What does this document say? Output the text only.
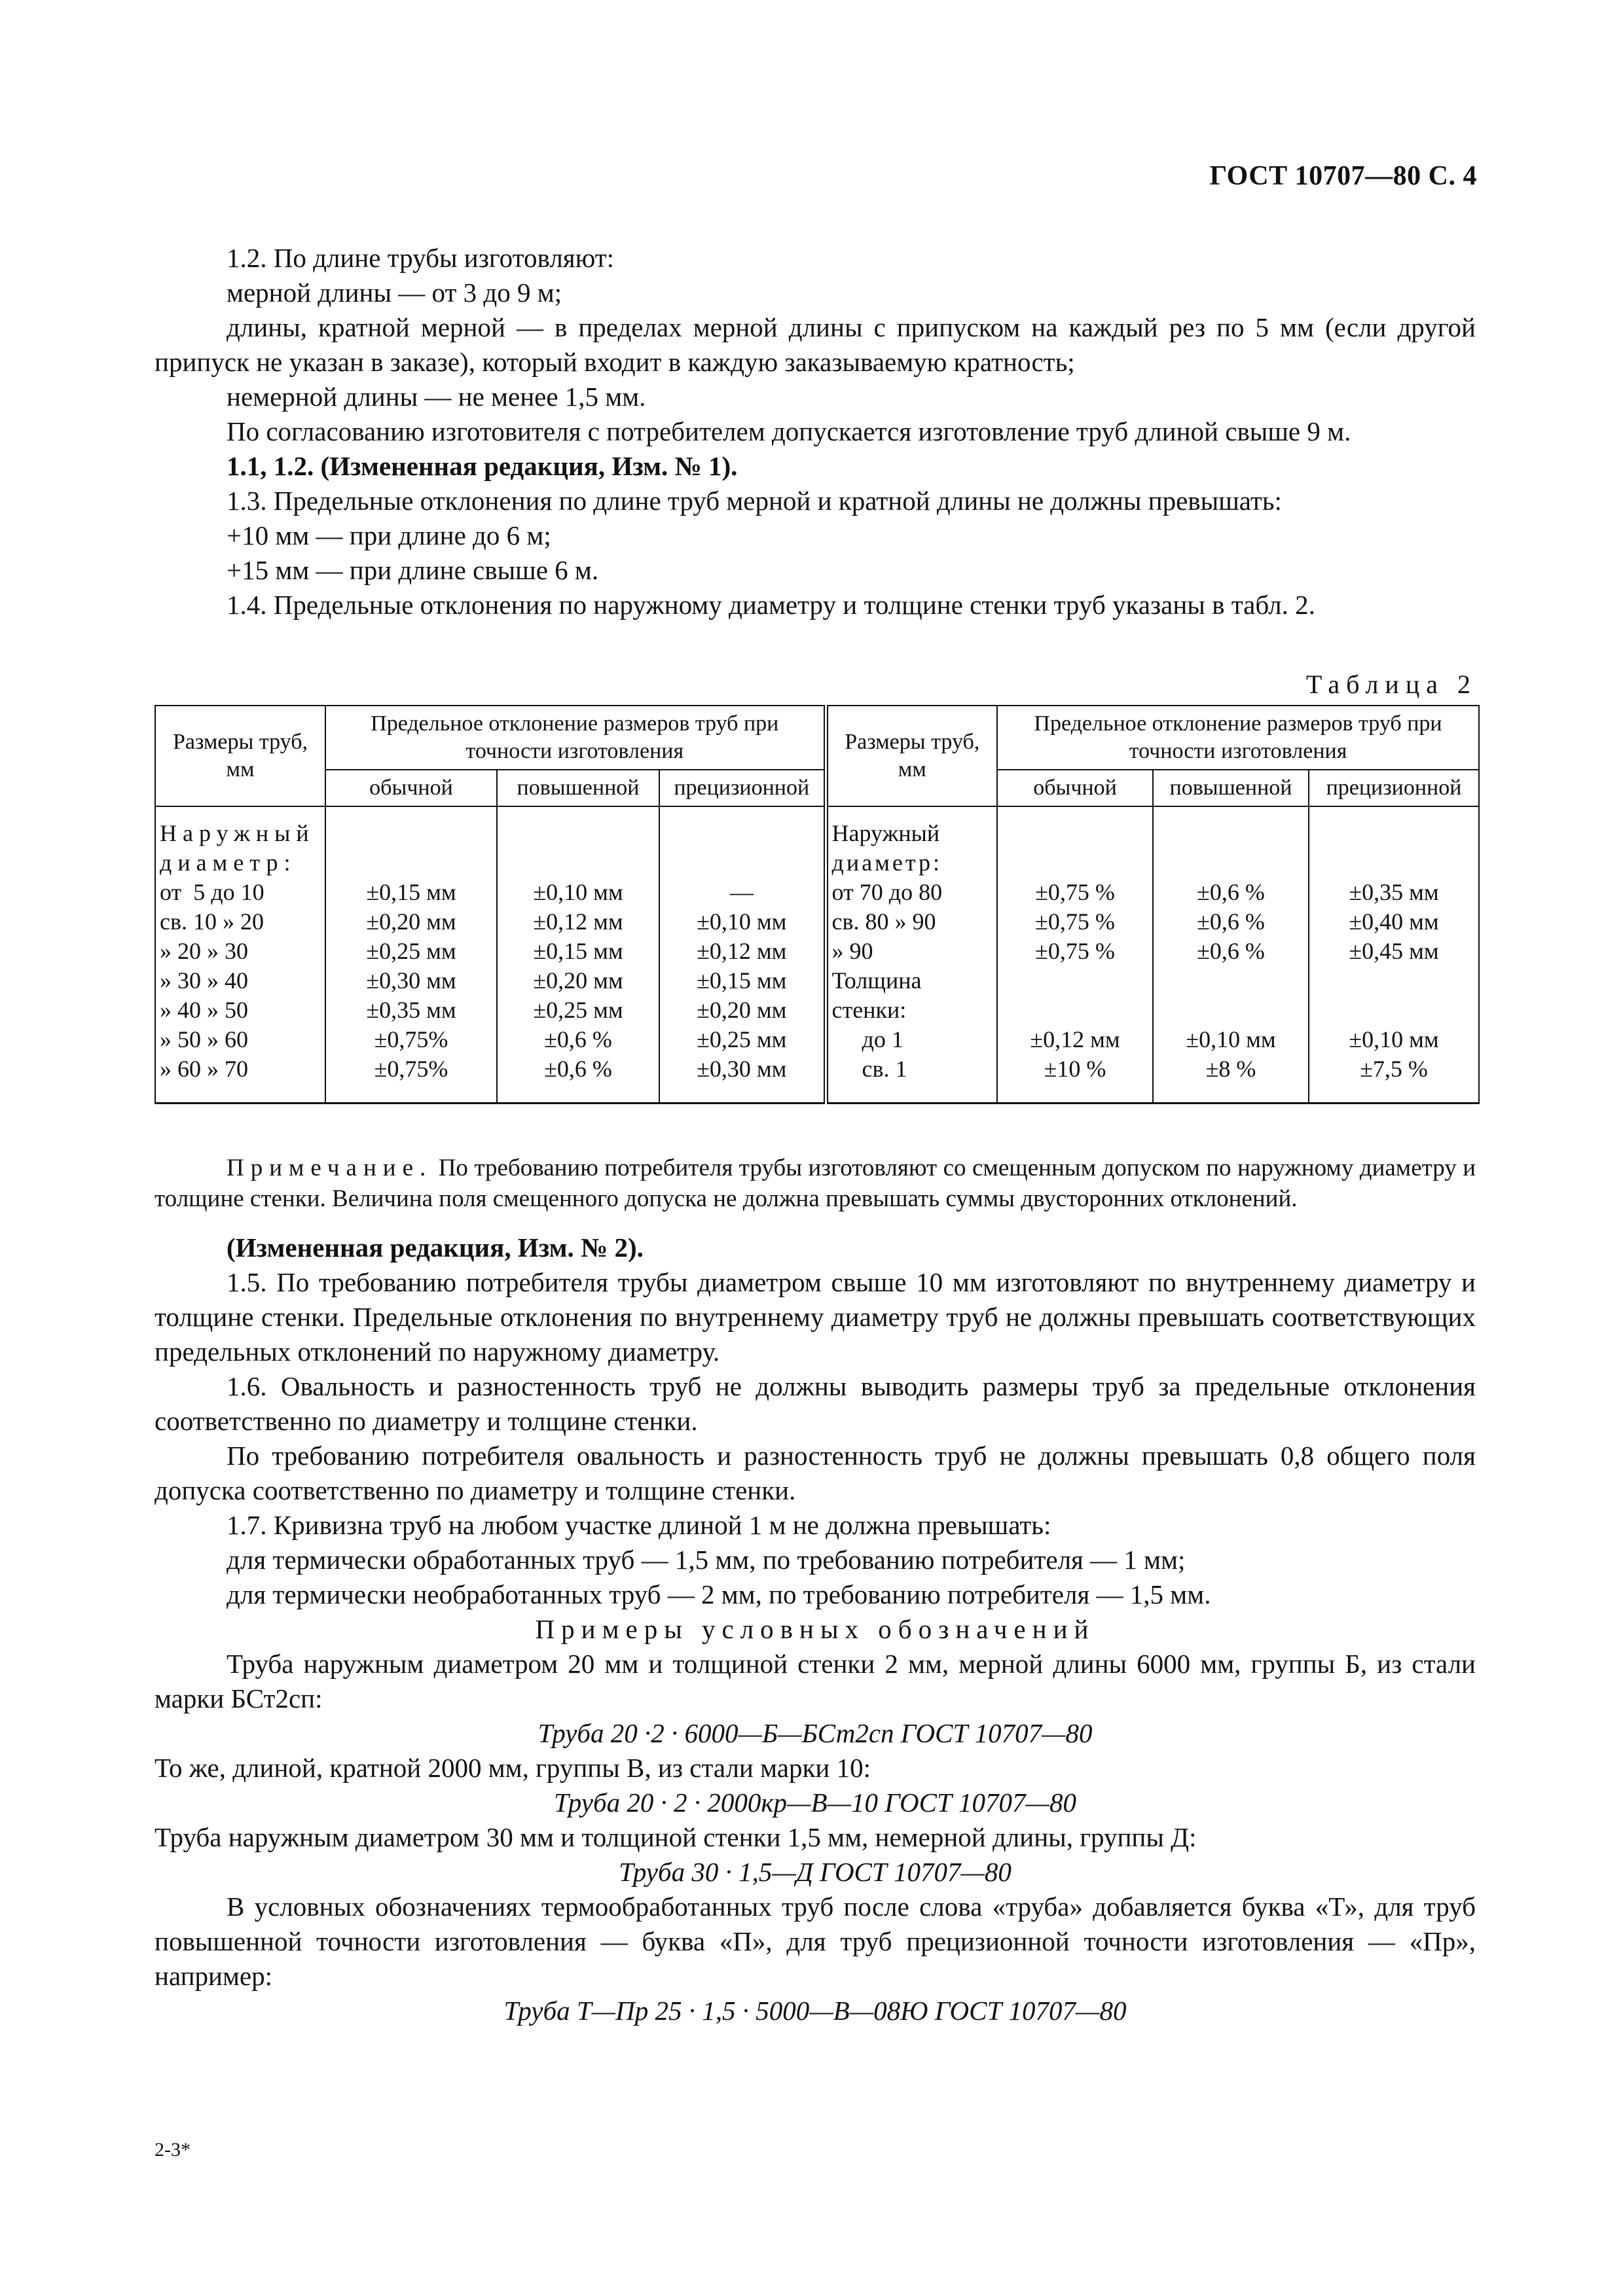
ГОСТ 10707—80 С. 4

1.2. По длине трубы изготовляют:

мерной длины — от 3 до 9 м;

длины, кратной мерной — в пределах мерной длины с припуском на каждый рез по 5 мм (если другой припуск не указан в заказе), который входит в каждую заказываемую кратность;

немерной длины — не менее 1,5 мм.

По согласованию изготовителя с потребителем допускается изготовление труб длиной свыше 9 м.

1.1, 1.2. (Измененная редакция, Изм. № 1).

1.3. Предельные отклонения по длине труб мерной и кратной длины не должны превышать:

+10 мм — при длине до 6 м;

+15 мм — при длине свыше 6 м.

1.4. Предельные отклонения по наружному диаметру и толщине стенки труб указаны в табл. 2.

Таблица 2
Размеры труб, мм	Предельное отклонение размеров труб при точности изготовления			Размеры труб, мм	Предельное отклонение размеров труб при точности изготовления		
	обычной	повышенной	прецизионной		обычной	повышенной	прецизионной
Наружный				Наружный			
диаметр:				диаметр:			
от  5 до 10	±0,15 мм	±0,10 мм	—	от 70 до 80	±0,75 %	±0,6 %	±0,35 мм
св. 10 » 20	±0,20 мм	±0,12 мм	±0,10 мм	св. 80 » 90	±0,75 %	±0,6 %	±0,40 мм
» 20 » 30	±0,25 мм	±0,15 мм	±0,12 мм	» 90	±0,75 %	±0,6 %	±0,45 мм
» 30 » 40	±0,30 мм	±0,20 мм	±0,15 мм	Толщина			
» 40 » 50	±0,35 мм	±0,25 мм	±0,20 мм	стенки:			
» 50 » 60	±0,75%	±0,6 %	±0,25 мм	до 1	±0,12 мм	±0,10 мм	±0,10 мм
» 60 » 70	±0,75%	±0,6 %	±0,30 мм	св. 1	±10 %	±8 %	±7,5 %

Примечание. По требованию потребителя трубы изготовляют со смещенным допуском по наружному диаметру и толщине стенки. Величина поля смещенного допуска не должна превышать суммы двусторонних отклонений.

(Измененная редакция, Изм. № 2).

1.5. По требованию потребителя трубы диаметром свыше 10 мм изготовляют по внутреннему диаметру и толщине стенки. Предельные отклонения по внутреннему диаметру труб не должны превышать соответствующих предельных отклонений по наружному диаметру.

1.6. Овальность и разностенность труб не должны выводить размеры труб за предельные отклонения соответственно по диаметру и толщине стенки.

По требованию потребителя овальность и разностенность труб не должны превышать 0,8 общего поля допуска соответственно по диаметру и толщине стенки.

1.7. Кривизна труб на любом участке длиной 1 м не должна превышать:

для термически обработанных труб — 1,5 мм, по требованию потребителя — 1 мм;

для термически необработанных труб — 2 мм, по требованию потребителя — 1,5 мм.

Примеры условных обозначений

Труба наружным диаметром 20 мм и толщиной стенки 2 мм, мерной длины 6000 мм, группы Б, из стали марки БСт2сп:

Труба 20 ·2 · 6000—Б—БСт2сп ГОСТ 10707—80

То же, длиной, кратной 2000 мм, группы В, из стали марки 10:

Труба 20 · 2 · 2000кр—В—10 ГОСТ 10707—80

Труба наружным диаметром 30 мм и толщиной стенки 1,5 мм, немерной длины, группы Д:

Труба 30 · 1,5—Д ГОСТ 10707—80

В условных обозначениях термообработанных труб после слова «труба» добавляется буква «Т», для труб повышенной точности изготовления — буква «П», для труб прецизионной точности изготовления — «Пр», например:

Труба Т—Пр 25 · 1,5 · 5000—В—08Ю ГОСТ 10707—80

2-3*
